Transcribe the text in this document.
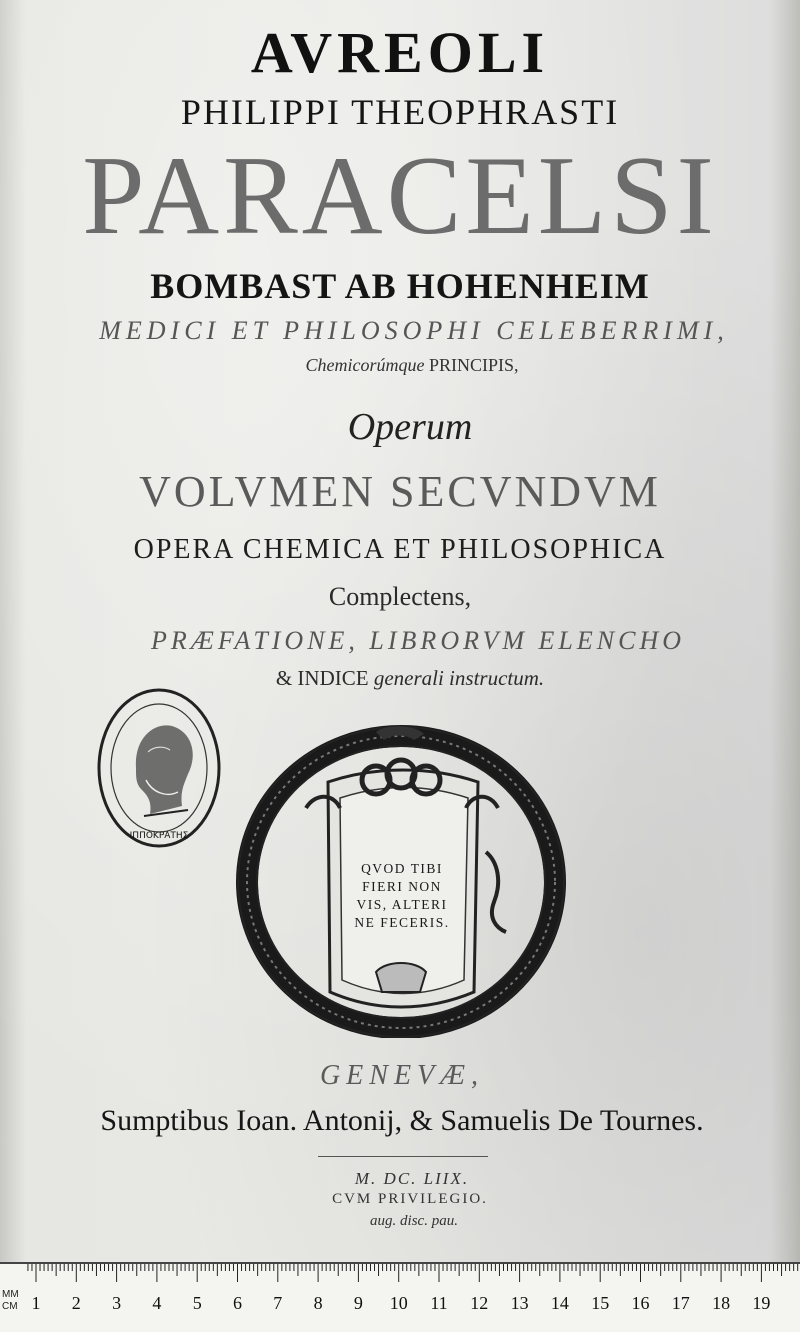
AVREOLI
PHILIPPI THEOPHRASTI
PARACELSI
BOMBAST AB HOHENHEIM
MEDICI ET PHILOSOPHI CELEBERRIMI,
Chemicorúmque PRINCIPIS,
Operum
VOLVMEN SECVNDVM
OPERA CHEMICA ET PHILOSOPHICA
Complectens,
PRÆFATIONE, LIBRORVM ELENCHO
& INDICE generali instructum.
ΙΠΠΟΚΡΑΤΗΣ
QVOD TIBI
FIERI NON
VIS, ALTERI
NE FECERIS.
GENEVÆ,
Sumptibus Ioan. Antonij, & Samuelis De Tournes.
M. DC. LIIX.
CVM PRIVILEGIO.
aug. disc. pau.
MM
CM 1 2 3 4 5 6 7 8 9 10 11 12 13 14 15 16 17 18 19
